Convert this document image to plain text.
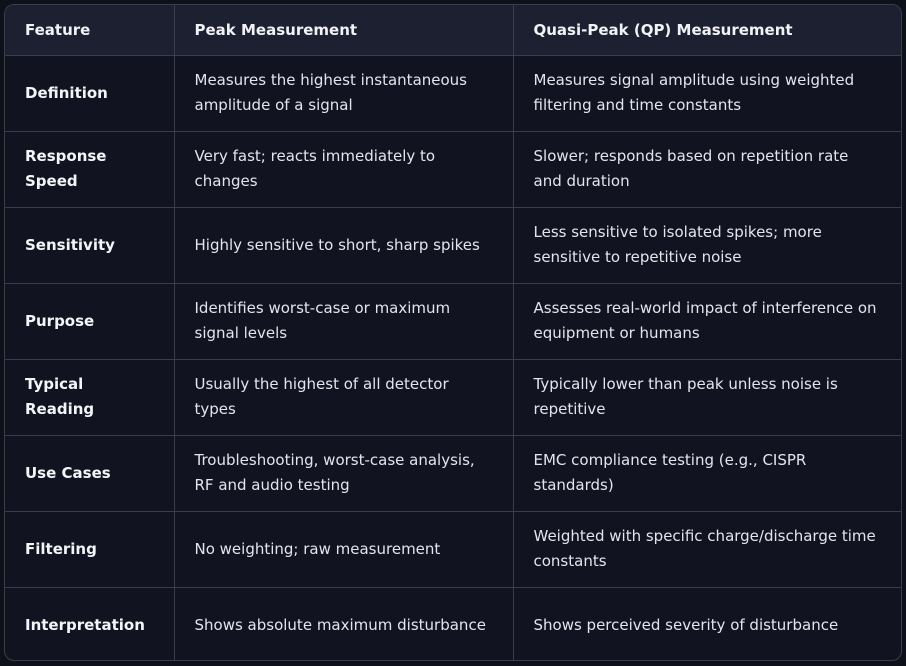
Feature	Peak Measurement	Quasi-Peak (QP) Measurement
Definition	Measures the highest instantaneous amplitude of a signal	Measures signal amplitude using weighted filtering and time constants
Response Speed	Very fast; reacts immediately to changes	Slower; responds based on repetition rate and duration
Sensitivity	Highly sensitive to short, sharp spikes	Less sensitive to isolated spikes; more sensitive to repetitive noise
Purpose	Identifies worst-case or maximum signal levels	Assesses real-world impact of interference on equipment or humans
Typical Reading	Usually the highest of all detector types	Typically lower than peak unless noise is repetitive
Use Cases	Troubleshooting, worst-case analysis, RF and audio testing	EMC compliance testing (e.g., CISPR standards)
Filtering	No weighting; raw measurement	Weighted with specific charge/discharge time constants
Interpretation	Shows absolute maximum disturbance	Shows perceived severity of disturbance
